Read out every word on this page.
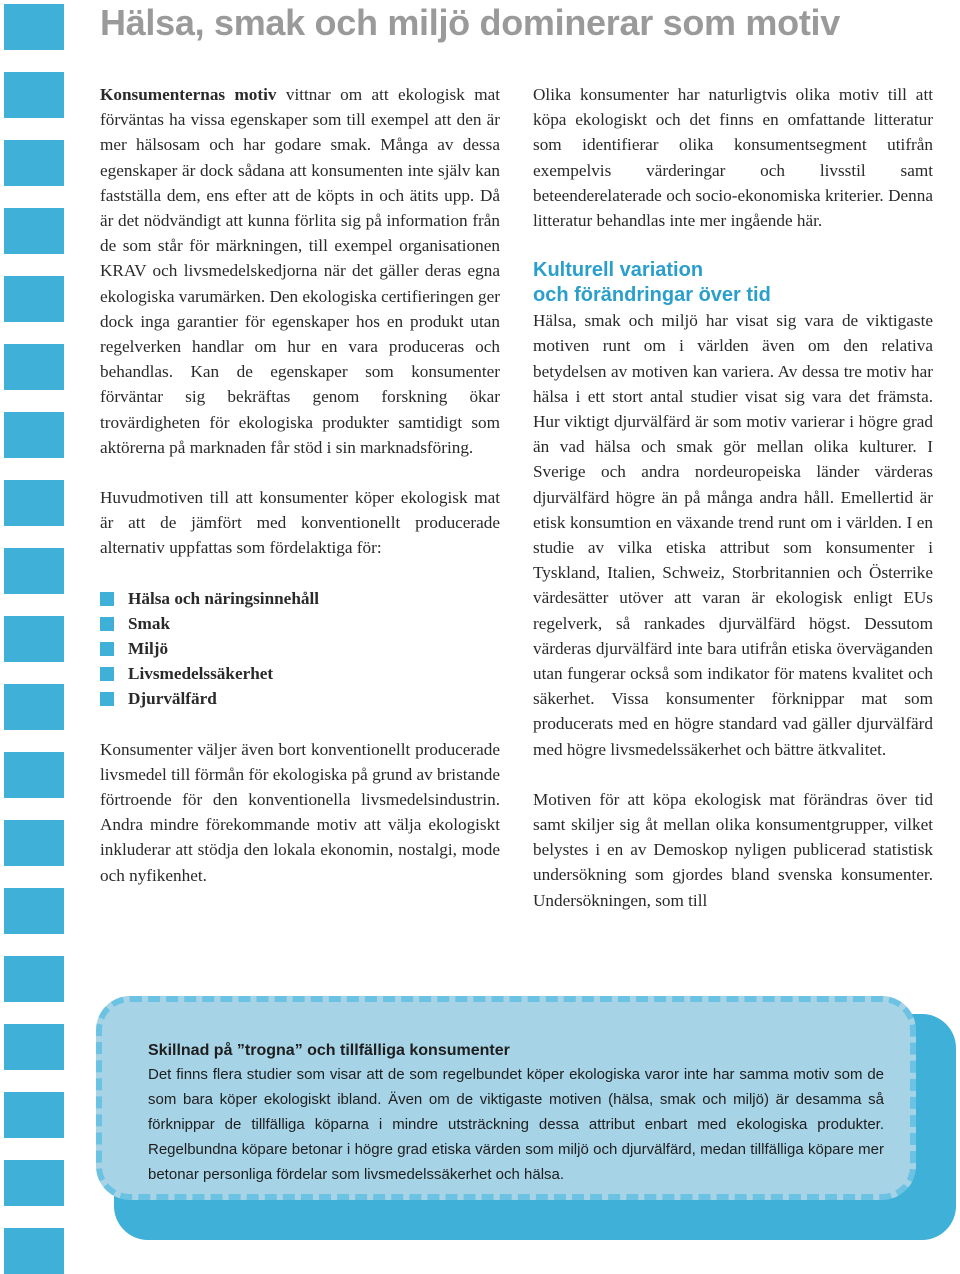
Hälsa, smak och miljö dominerar som motiv

Konsumenternas motiv vittnar om att ekologisk mat förväntas ha vissa egenskaper som till exempel att den är mer hälsosam och har godare smak. Många av dessa egenskaper är dock sådana att konsumenten inte själv kan fastställa dem, ens efter att de köpts in och ätits upp. Då är det nödvändigt att kunna förlita sig på information från de som står för märkningen, till exempel organisationen KRAV och livsmedelskedjorna när det gäller deras egna ekologiska varumärken. Den ekologiska certifieringen ger dock inga garantier för egenskaper hos en produkt utan regelverken handlar om hur en vara produceras och behandlas. Kan de egenskaper som konsumenter förväntar sig bekräftas genom forskning ökar trovärdigheten för ekologiska produkter samtidigt som aktörerna på marknaden får stöd i sin marknadsföring.

Huvudmotiven till att konsumenter köper ekologisk mat är att de jämfört med konventionellt producerade alternativ uppfattas som fördelaktiga för:

Hälsa och näringsinnehåll
Smak
Miljö
Livsmedelssäkerhet
Djurvälfärd

Konsumenter väljer även bort konventionellt producerade livsmedel till förmån för ekologiska på grund av bristande förtroende för den konventionella livsmedelsindustrin. Andra mindre förekommande motiv att välja ekologiskt inkluderar att stödja den lokala ekonomin, nostalgi, mode och nyfikenhet.

Olika konsumenter har naturligtvis olika motiv till att köpa ekologiskt och det finns en omfattande litteratur som identifierar olika konsumentsegment utifrån exempelvis värderingar och livsstil samt beteenderelaterade och socio-ekonomiska kriterier. Denna litteratur behandlas inte mer ingående här.

Kulturell variation
och förändringar över tid

Hälsa, smak och miljö har visat sig vara de viktigaste motiven runt om i världen även om den relativa betydelsen av motiven kan variera. Av dessa tre motiv har hälsa i ett stort antal studier visat sig vara det främsta. Hur viktigt djurvälfärd är som motiv varierar i högre grad än vad hälsa och smak gör mellan olika kulturer. I Sverige och andra nordeuropeiska länder värderas djurvälfärd högre än på många andra håll. Emellertid är etisk konsumtion en växande trend runt om i världen. I en studie av vilka etiska attribut som konsumenter i Tyskland, Italien, Schweiz, Storbritannien och Österrike värdesätter utöver att varan är ekologisk enligt EUs regelverk, så rankades djurvälfärd högst. Dessutom värderas djurvälfärd inte bara utifrån etiska överväganden utan fungerar också som indikator för matens kvalitet och säkerhet. Vissa konsumenter förknippar mat som producerats med en högre standard vad gäller djurvälfärd med högre livsmedelssäkerhet och bättre ätkvalitet.

Motiven för att köpa ekologisk mat förändras över tid samt skiljer sig åt mellan olika konsumentgrupper, vilket belystes i en av Demoskop nyligen publicerad statistisk undersökning som gjordes bland svenska konsumenter. Undersökningen, som till

Skillnad på ”trogna” och tillfälliga konsumenter

Det finns flera studier som visar att de som regelbundet köper ekologiska varor inte har samma motiv som de som bara köper ekologiskt ibland. Även om de viktigaste motiven (hälsa, smak och miljö) är desamma så förknippar de tillfälliga köparna i mindre utsträckning dessa attribut enbart med ekologiska produkter. Regelbundna köpare betonar i högre grad etiska värden som miljö och djurvälfärd, medan tillfälliga köpare mer betonar personliga fördelar som livsmedelssäkerhet och hälsa.
